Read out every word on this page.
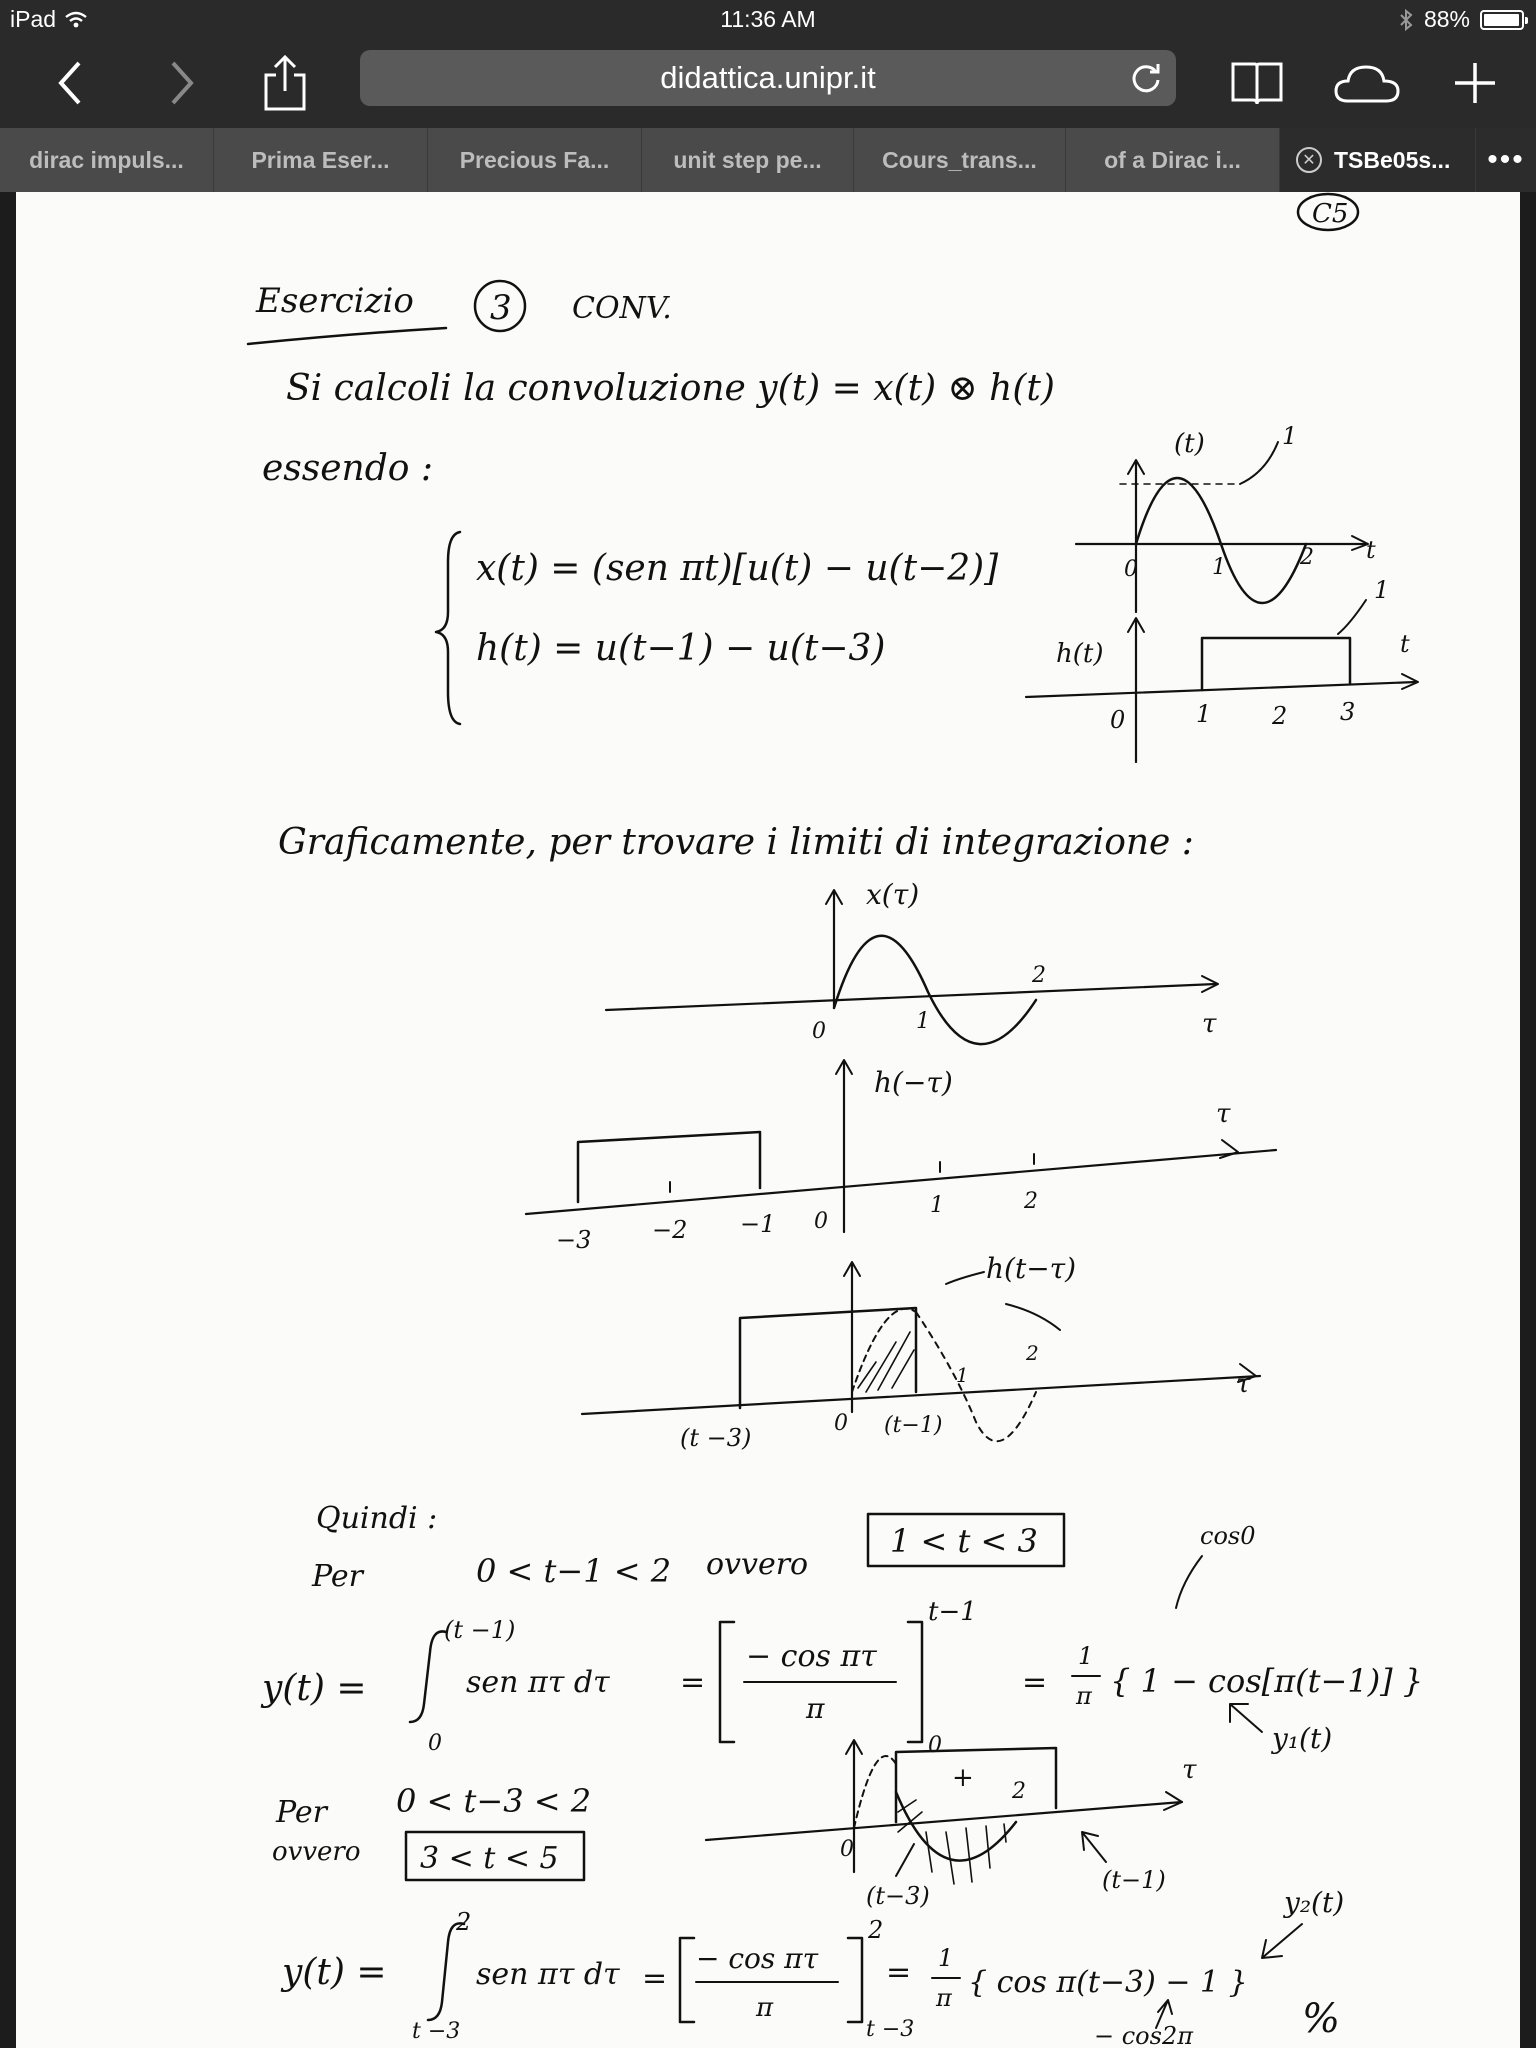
iPad	11:36 AM	88%
didattica.unipr.it
dirac impuls...	Prima Eser...	Precious Fa...	unit step pe...	Cours_trans...	of a Dirac i...	✕ TSBe05s... •••
C5
Esercizio 3 CONV.
Si calcoli la convoluzione y(t) = x(t) ⊗ h(t)
essendo :
x(t) = (sen πt)[u(t) − u(t−2)]
h(t) = u(t−1) − u(t−3)
(t)	1
t
0	1	2
h(t)
1
t
0	1	2 3
Graficamente, per trovare i limiti di integrazione :
x(τ)
τ
0	1
2
h(−τ)
τ
−3	−2 −1 0
1	2
h(t−τ)
τ
(t −3)
0 (t−1)
1
2
Quindi :
Per	0 < t−1 < 2 ovvero
1 < t < 3	cos0
y(t) =
(t −1)
0
sen πτ dτ =
− cos πτ
π
t−1
0
=
1
π { 1 − cos[π(t−1)] }
y₁(t)
+	τ
0
(t−3)
2
(t−1)
Per 0 < t−3 < 2
ovvero 3 < t < 5
y₂(t)
y(t) =
2
t −3
sen πτ dτ =
− cos πτ
π
2
t −3
= 1
π { cos π(t−3) − 1 }
− cos2π	%
